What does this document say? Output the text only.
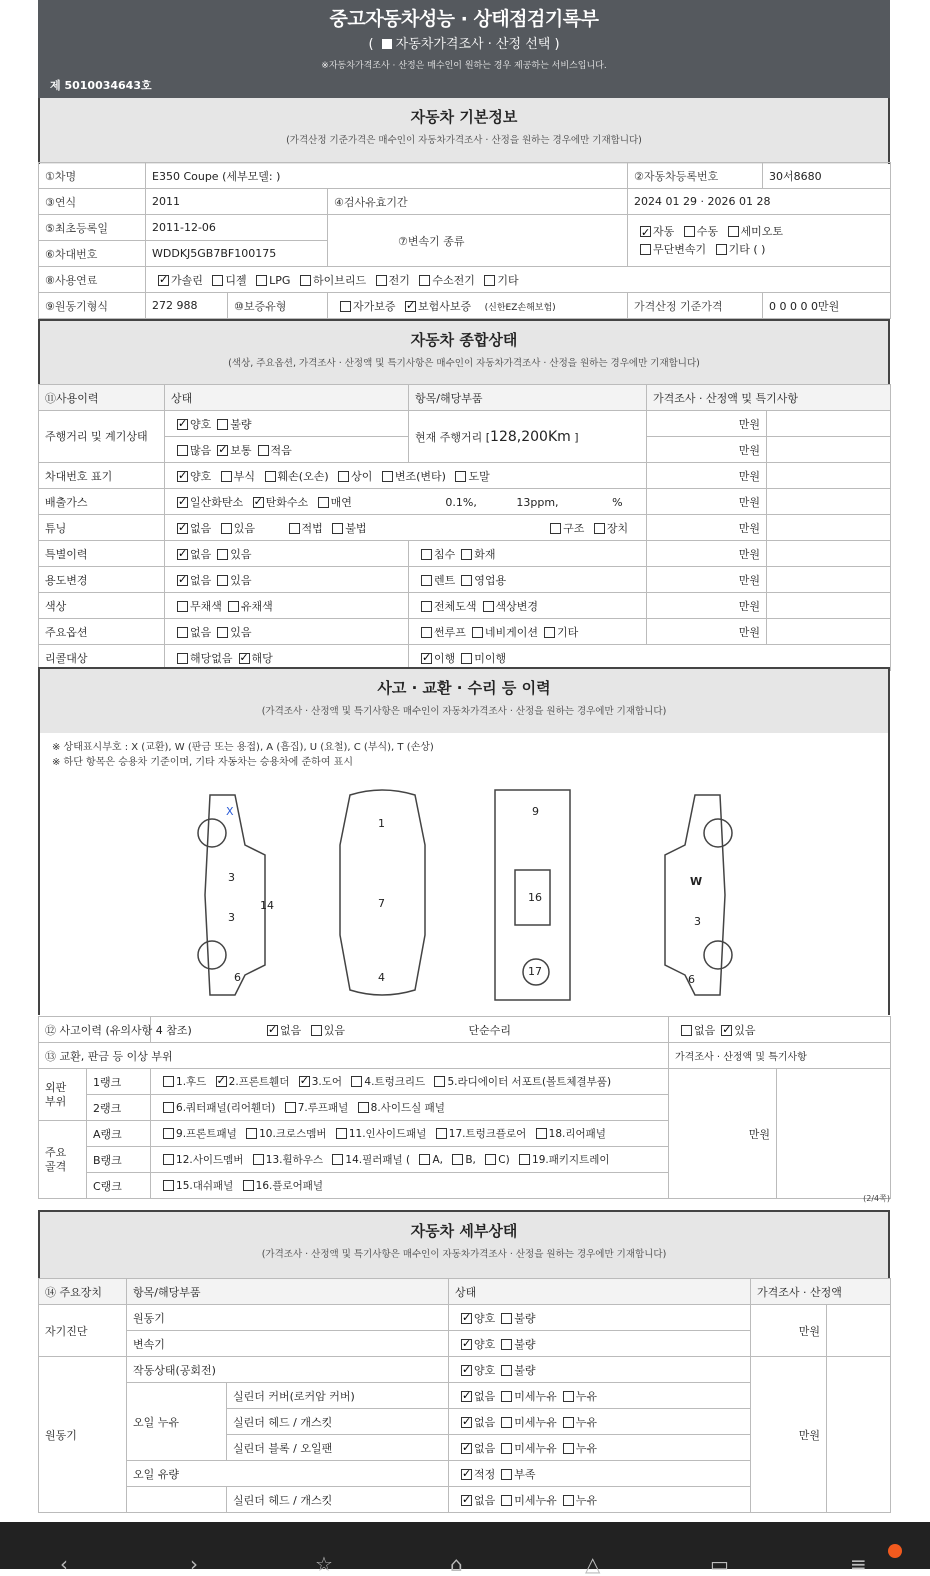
중고자동차성능 · 상태점검기록부
( 자동차가격조사 · 산정 선택 )
※자동차가격조사 · 산정은 매수인이 원하는 경우 제공하는 서비스입니다.
제 5010034643호
자동차 기본정보
(가격산정 기준가격은 매수인이 자동차가격조사 · 산정을 원하는 경우에만 기재합니다)
①차명	E350 Coupe (세부모델: )			②자동차등록번호	30서8680
③연식	2011		④검사유효기간	2024 01 29 · 2026 01 28	
⑤최초등록일	2011-12-06		⑦변속기 종류	✓자동 수동 세미오토
무단변속기 기타 ( )
⑥차대번호	WDDKJ5GB7BF100175				
⑧사용연료	✓가솔린 디젤 LPG 하이브리드 전기 수소전기 기타
⑨원동기형식	272 988	⑩보증유형	자가보증 ✓ 보험사보증 (신한EZ손해보험)	가격산정 기준가격	0 0 0 0 0만원
자동차 종합상태
(색상, 주요옵션, 가격조사 · 산정액 및 특기사항은 매수인이 자동차가격조사 · 산정을 원하는 경우에만 기재합니다)
⑪사용이력	상태	항목/해당부품	가격조사 · 산정액 및 특기사항	
주행거리 및 계기상태	✓양호 불량	현재 주행거리 [128,200Km ]	만원	
	많음 ✓ 보통 적음		만원	
차대번호 표기	✓양호 부식 훼손(오손) 상이 변조(변타) 도말		만원	
배출가스	✓일산화탄소 ✓ 탄화수소 매연 0.1%, 13ppm, %		만원	
튜닝	✓없음 있음 적법 불법 구조 장치		만원	
특별이력	✓없음 있음	침수 화재	만원	
용도변경	✓없음 있음	렌트 영업용	만원	
색상	무채색 유채색	전체도색 색상변경	만원	
주요옵션	없음 있음	썬루프 네비게이션 기타	만원	
리콜대상	해당없음 ✓ 해당	✓이행 미이행
사고 · 교환 · 수리 등 이력
(가격조사 · 산정액 및 특기사항은 매수인이 자동차가격조사 · 산정을 원하는 경우에만 기재합니다)
※ 상태표시부호 : X (교환), W (판금 또는 용접), A (흠집), U (요철), C (부식), T (손상)
※ 하단 항목은 승용차 기준이며, 기타 자동차는 승용차에 준하여 표시
X
3
3
14
6
1
7
4
9
16
17
W
3
6
⑫ 사고이력 (유의사항 4 참조)	✓없음 있음 단순수리	없음 ✓ 있음
⑬ 교환, 판금 등 이상 부위			가격조사 · 산정액 및 특기사항	
외판 부위	1랭크	1.후드 ✓ 2.프론트휀더 ✓ 3.도어 4.트렁크리드 5.라디에이터 서포트(볼트체결부품)	만원	
	2랭크	6.쿼터패널(리어휀더) 7.루프패널 8.사이드실 패널		
주요 골격	A랭크	9.프론트패널 10.크로스멤버 11.인사이드패널 17.트렁크플로어 18.리어패널		
	B랭크	12.사이드멤버 13.휠하우스 14.필러패널 ( A, B, C) 19.패키지트레이		
	C랭크	15.대쉬패널 16.플로어패널		
(2/4쪽)
자동차 세부상태
(가격조사 · 산정액 및 특기사항은 매수인이 자동차가격조사 · 산정을 원하는 경우에만 기재합니다)
⑭ 주요장치	항목/해당부품		상태	가격조사 · 산정액	
자기진단	원동기	✓양호 불량	만원	
	변속기	✓양호 불량
원동기	작동상태(공회전)	✓양호 불량	만원	
	오일 누유	실린더 커버(로커암 커버)	✓없음 미세누유 누유
		실린더 헤드 / 개스킷	✓없음 미세누유 누유
		실린더 블록 / 오일팬	✓없음 미세누유 누유
	오일 유량	✓적정 부족
		실린더 헤드 / 개스킷	✓없음 미세누유 누유
‹	›	☆	⌂	△	▭	≡
